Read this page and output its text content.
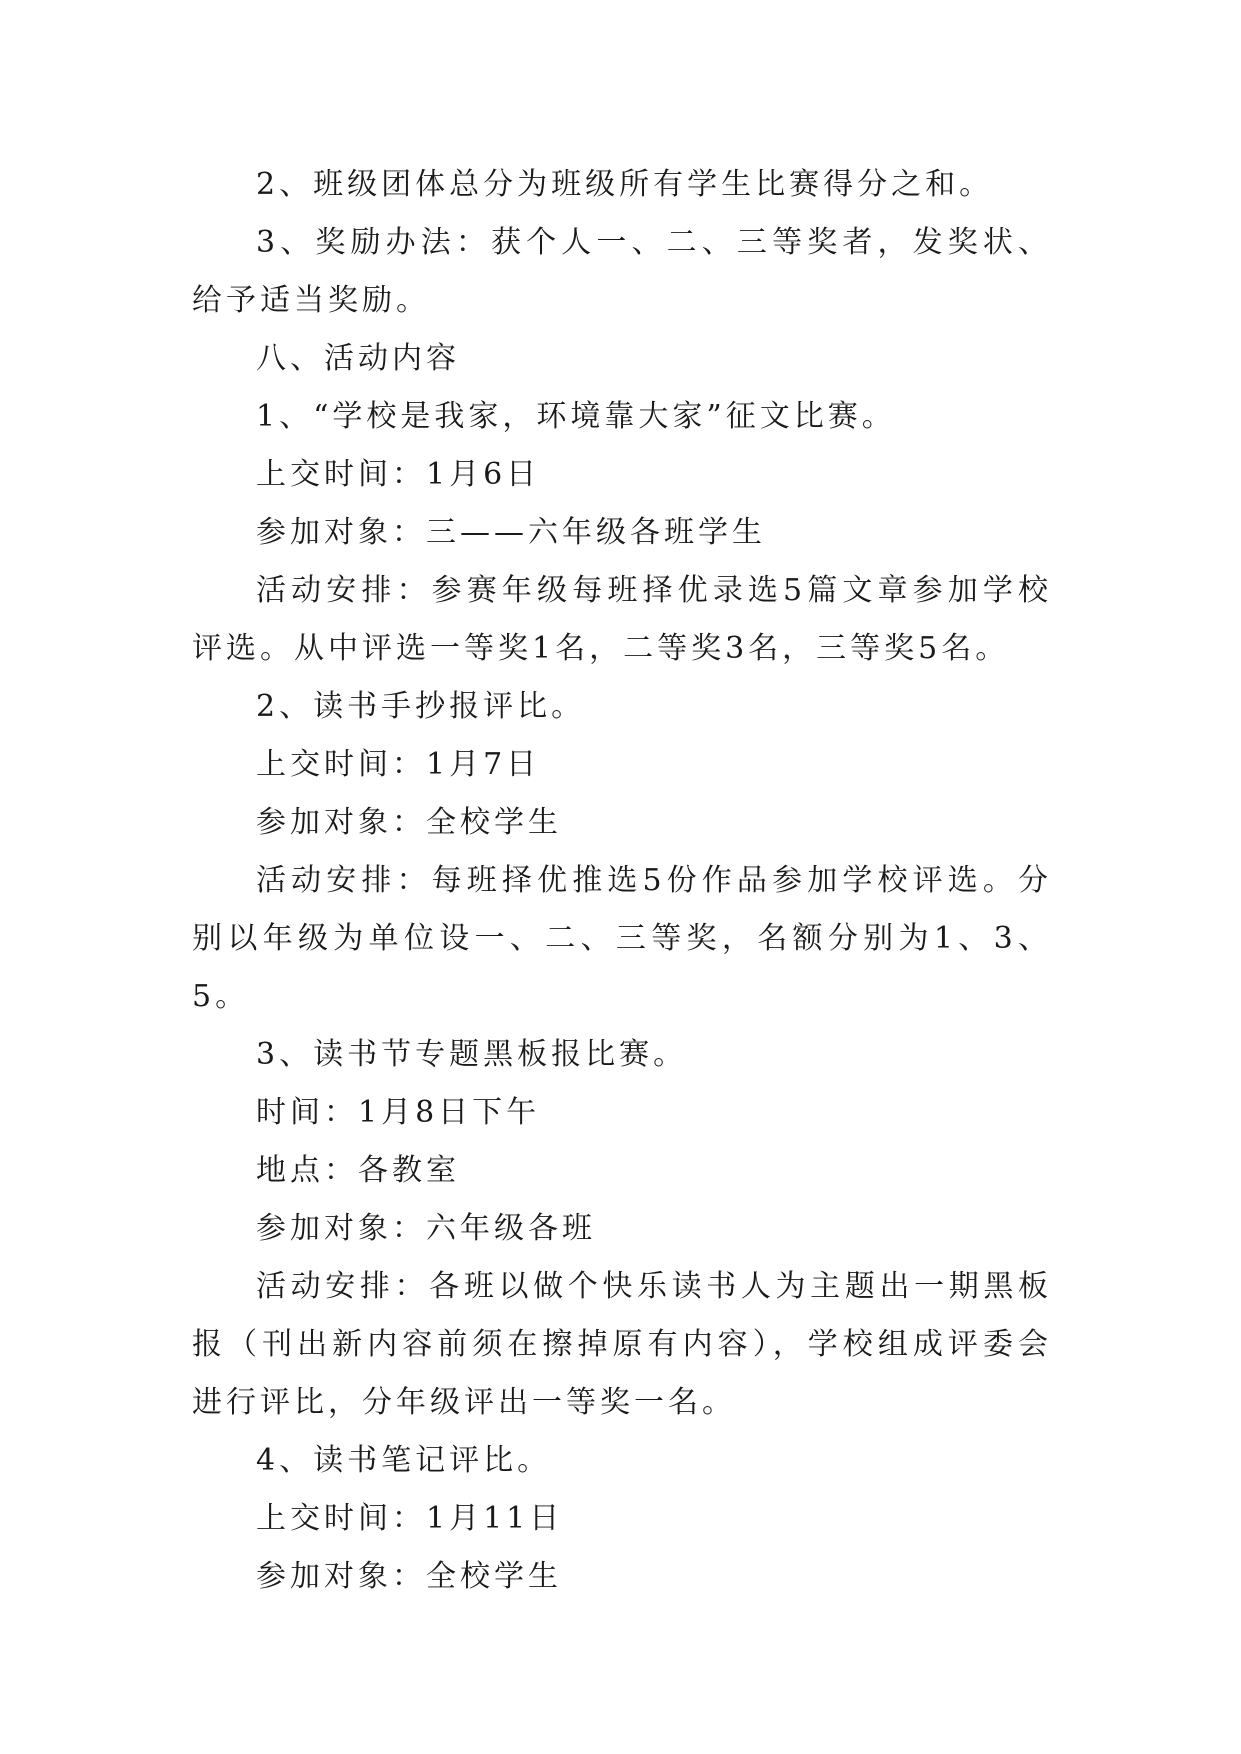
2、班级团体总分为班级所有学生比赛得分之和。

3、奖励办法：获个人一、二、三等奖者，发奖状、给予适当奖励。

八、活动内容

1、“学校是我家，环境靠大家”征文比赛。

上交时间：1月6日

参加对象：三——六年级各班学生

活动安排：参赛年级每班择优录选5篇文章参加学校评选。从中评选一等奖1名，二等奖3名，三等奖5名。

2、读书手抄报评比。

上交时间：1月7日

参加对象：全校学生

活动安排：每班择优推选5份作品参加学校评选。分别以年级为单位设一、二、三等奖，名额分别为1、3、5。

3、读书节专题黑板报比赛。

时间：1月8日下午

地点：各教室

参加对象：六年级各班

活动安排：各班以做个快乐读书人为主题出一期黑板报（刊出新内容前须在擦掉原有内容），学校组成评委会进行评比，分年级评出一等奖一名。

4、读书笔记评比。

上交时间：1月11日

参加对象：全校学生
